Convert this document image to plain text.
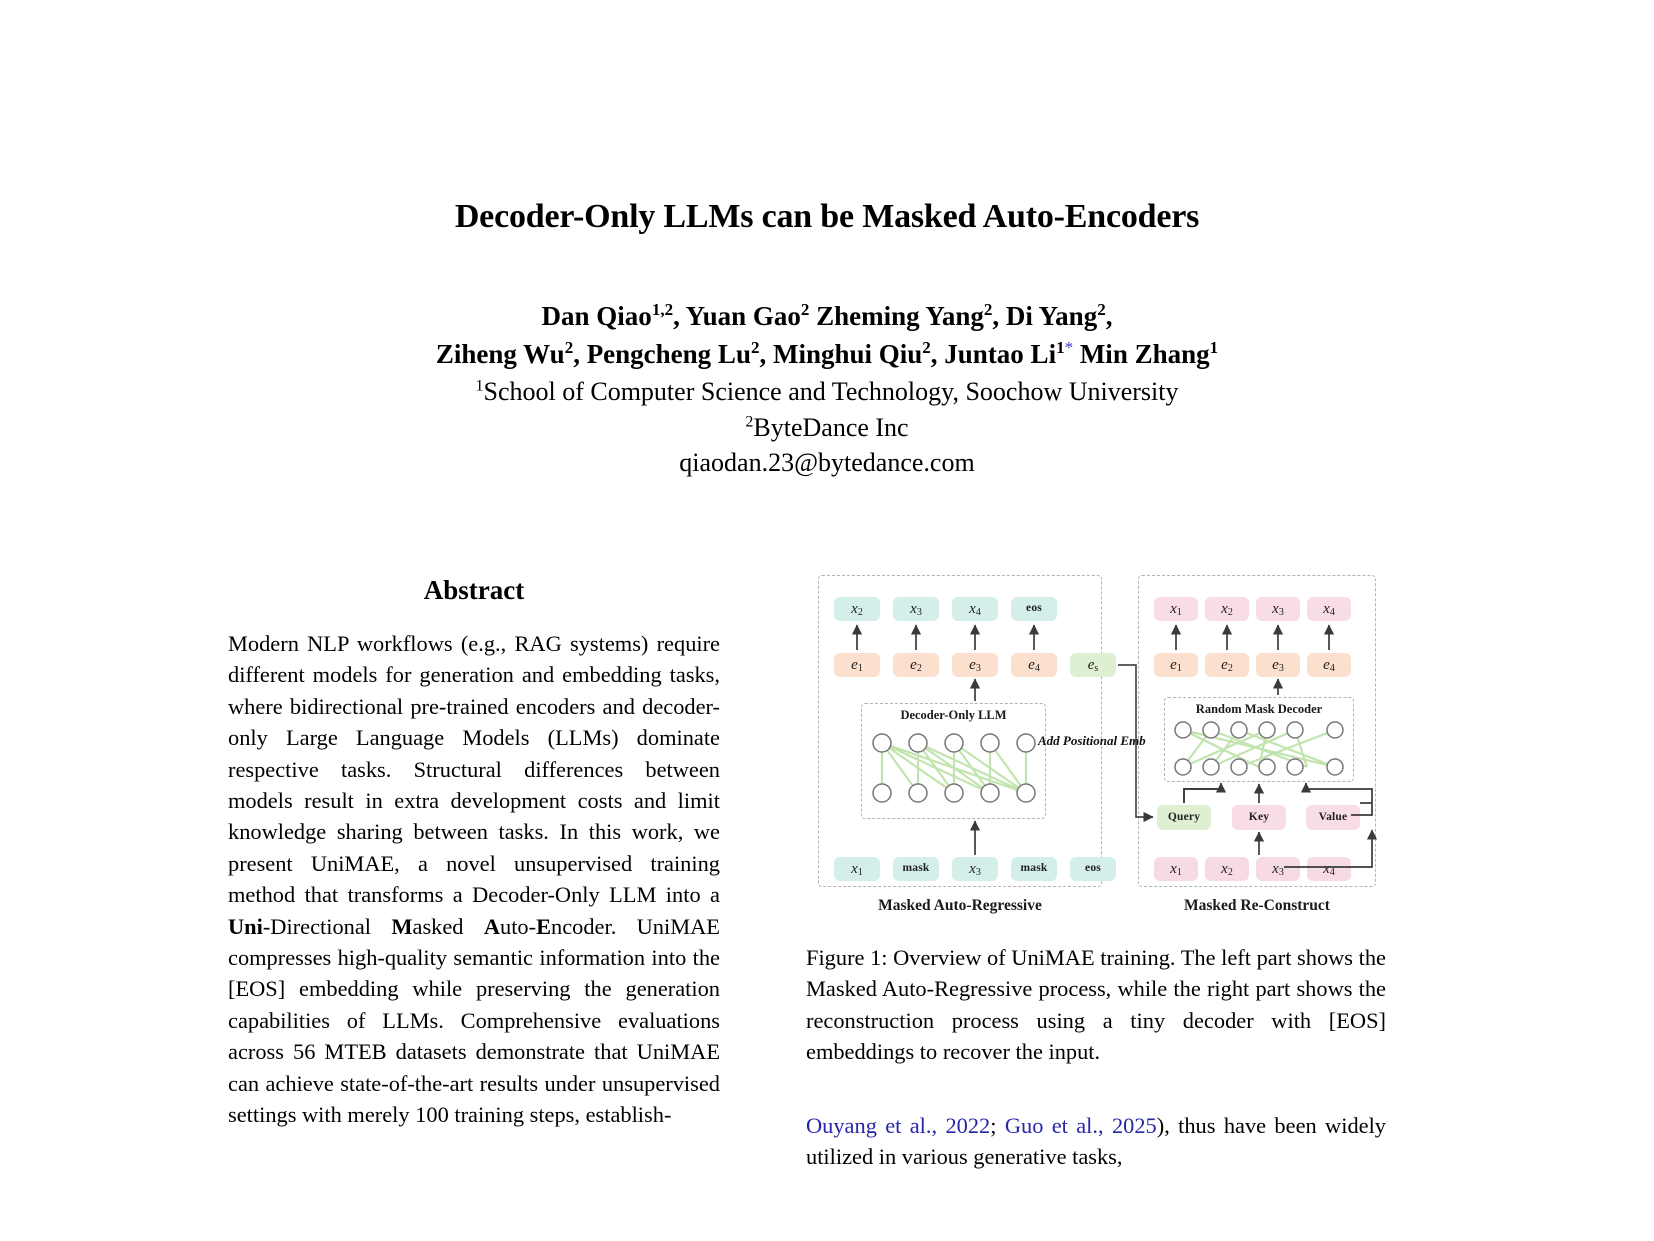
Decoder-Only LLMs can be Masked Auto-Encoders
Dan Qiao$^{1,2}$, Yuan Gao$^2$ Zheming Yang$^2$, Di Yang$^2$,
Ziheng Wu$^2$, Pengcheng Lu$^2$, Minghui Qiu$^2$, Juntao $Li^{1*}$ Min Zhang$^1$
$^1$School of Computer Science and Technology, Soochow University
$^2$ByteDance Inc
qiaodan.23@bytedance.com
Abstract
Modern NLP workflows (e.g., RAG systems) require different models for generation and embedding tasks, where bidirectional pre-trained encoders and decoder-only Large Language Models (LLMs) dominate respective tasks. Structural differences between models result in extra development costs and limit knowledge sharing between tasks. In this work, we present UniMAE, a novel unsupervised training method that transforms a Decoder-Only LLM into a Uni-Directional Masked Auto-Encoder. UniMAE compresses high-quality semantic information into the [EOS] embedding while preserving the generation capabilities of LLMs. Comprehensive evaluations across 56 MTEB datasets demonstrate that UniMAE can achieve state-of-the-art results under unsupervised settings with merely 100 training steps, establish-
x 2	x 3	x 4	eos
e 1	e 2	e 3	e 4	e s
Decoder-Only LLM
x 1	mask	x 3	mask	eos
Add Positional Emb
x 1	x 2	x 3	x 4
e 1	e 2	e 3	e 4
Random Mask Decoder
Query	Key	Value
x 1	x 2	x 3	x 4
Masked Auto-Regressive	Masked Re-Construct
Figure 1: Overview of UniMAE training. The left part shows the Masked Auto-Regressive process, while the right part shows the reconstruction process using a tiny decoder with [EOS] embeddings to recover the input.
Ouyang et al., 2022; Guo et al., 2025), thus have been widely utilized in various generative tasks,
